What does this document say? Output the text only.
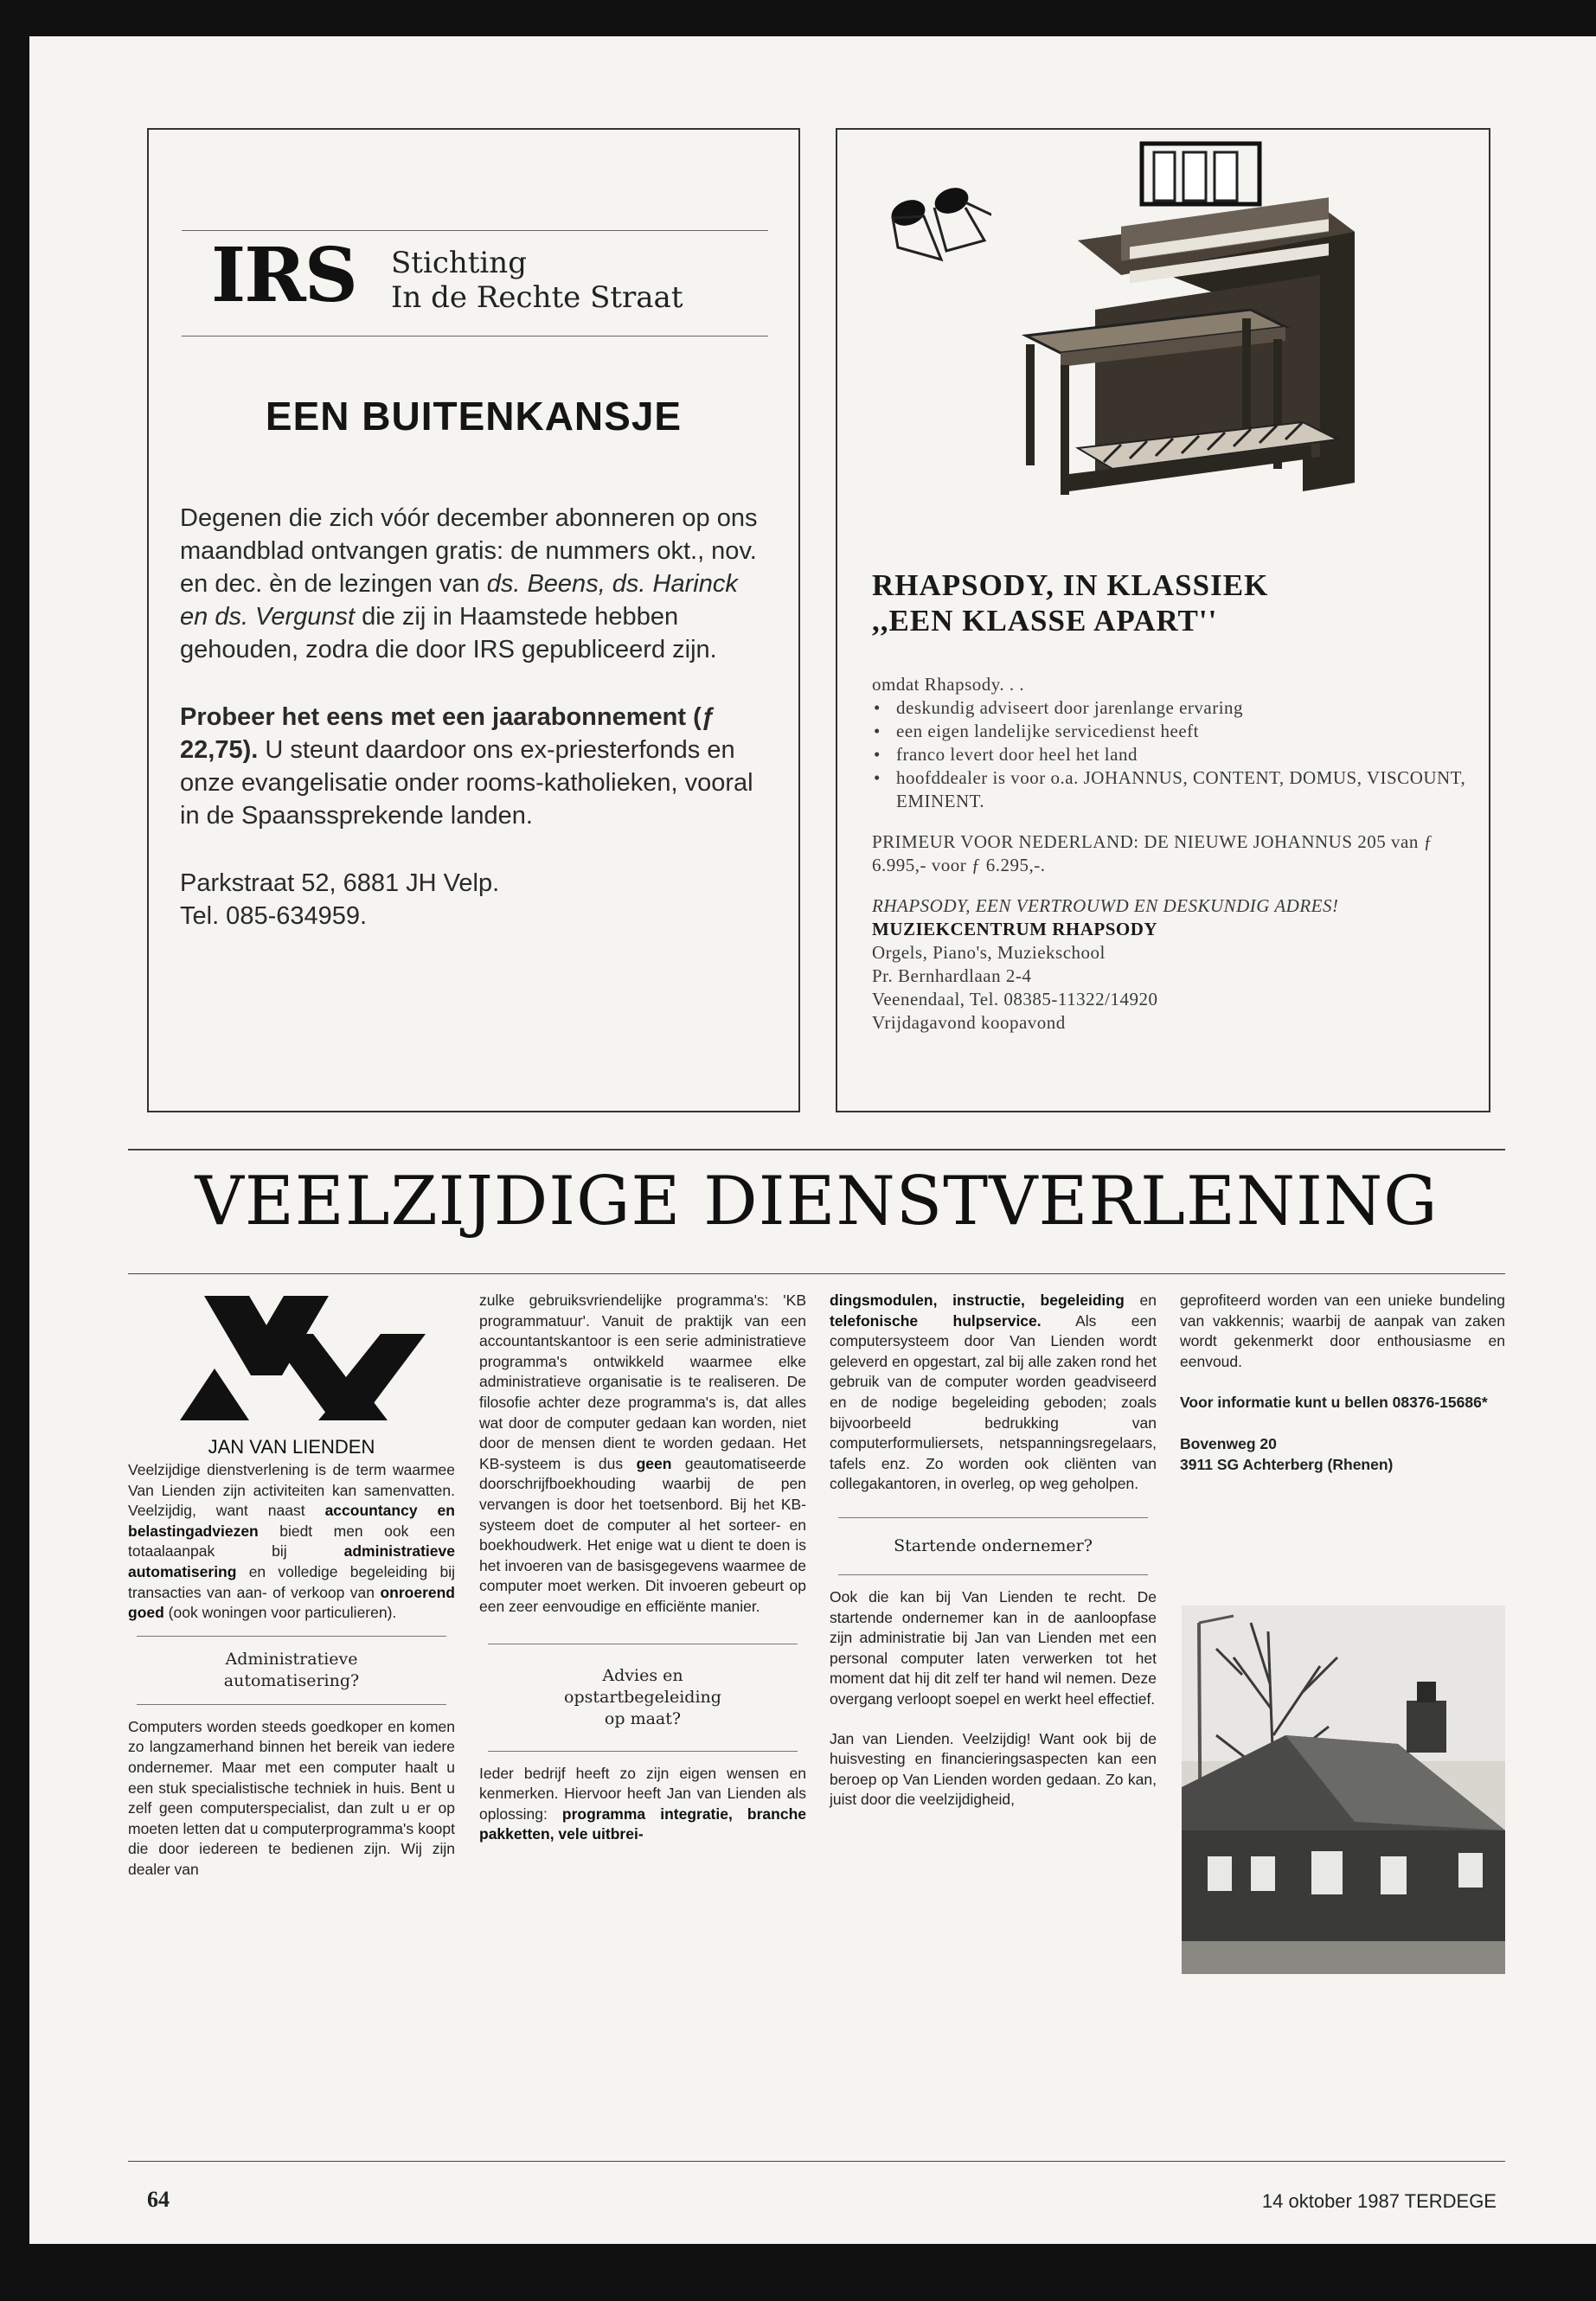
IRS Stichting
In de Rechte Straat
EEN BUITENKANSJE

Degenen die zich vóór december abonneren op ons maandblad ontvangen gratis: de nummers okt., nov. en dec. èn de lezingen van ds. Beens, ds. Harinck en ds. Vergunst die zij in Haamstede hebben gehouden, zodra die door IRS gepubliceerd zijn.

Probeer het eens met een jaarabonnement (ƒ 22,75). U steunt daardoor ons ex-priesterfonds en onze evangelisatie onder rooms-katholieken, vooral in de Spaanssprekende landen.

Parkstraat 52, 6881 JH Velp.
Tel. 085-634959.
RHAPSODY, IN KLASSIEK
,,EEN KLASSE APART''
omdat Rhapsody. . .
• deskundig adviseert door jarenlange ervaring
• een eigen landelijke servicedienst heeft
• franco levert door heel het land
• hoofddealer is voor o.a. JOHANNUS, CONTENT, DOMUS, VISCOUNT, EMINENT.
PRIMEUR VOOR NEDERLAND: DE NIEUWE JOHANNUS 205 van ƒ 6.995,- voor ƒ 6.295,-.
RHAPSODY, EEN VERTROUWD EN DESKUNDIG ADRES!
MUZIEKCENTRUM RHAPSODY
Orgels, Piano's, Muziekschool
Pr. Bernhardlaan 2-4
Veenendaal, Tel. 08385-11322/14920
Vrijdagavond koopavond
VEELZIJDIGE DIENSTVERLENING
JAN VAN LIENDEN

Veelzijdige dienstverlening is de term waarmee Van Lienden zijn activiteiten kan samenvatten. Veelzijdig, want naast accountancy en belastingadviezen biedt men ook een totaalaanpak bij administratieve automatisering en volledige begeleiding bij transacties van aan- of verkoop van onroerend goed (ook woningen voor particulieren).

Administratieve automatisering?

Computers worden steeds goedkoper en komen zo langzamerhand binnen het bereik van iedere ondernemer. Maar met een computer haalt u een stuk specialistische techniek in huis. Bent u zelf geen computerspecialist, dan zult u er op moeten letten dat u computerprogramma's koopt die door iedereen te bedienen zijn. Wij zijn dealer van

zulke gebruiksvriendelijke programma's: 'KB programmatuur'. Vanuit de praktijk van een accountantskantoor is een serie administratieve programma's ontwikkeld waarmee elke administratieve organisatie is te realiseren. De filosofie achter deze programma's is, dat alles wat door de computer gedaan kan worden, niet door de mensen dient te worden gedaan. Het KB-systeem is dus geen geautomatiseerde doorschrijfboekhouding waarbij de pen vervangen is door het toetsenbord. Bij het KB-systeem doet de computer al het sorteer- en boekhoudwerk. Het enige wat u dient te doen is het invoeren van de basisgegevens waarmee de computer moet werken. Dit invoeren gebeurt op een zeer eenvoudige en efficiënte manier.

Advies en opstartbegeleiding op maat?

Ieder bedrijf heeft zo zijn eigen wensen en kenmerken. Hiervoor heeft Jan van Lienden als oplossing: programma integratie, branche pakketten, vele uitbrei-

dingsmodulen, instructie, begeleiding en telefonische hulpservice. Als een computersysteem door Van Lienden wordt geleverd en opgestart, zal bij alle zaken rond het gebruik van de computer worden geadviseerd en de nodige begeleiding geboden; zoals bijvoorbeeld bedrukking van computerformuliersets, netspanningsregelaars, tafels enz. Zo worden ook cliënten van collegakantoren, in overleg, op weg geholpen.

Startende ondernemer?

Ook die kan bij Van Lienden te recht. De startende ondernemer kan in de aanloopfase zijn administratie bij Jan van Lienden met een personal computer laten verwerken tot het moment dat hij dit zelf ter hand wil nemen. Deze overgang verloopt soepel en werkt heel effectief.

Jan van Lienden. Veelzijdig! Want ook bij de huisvesting en financieringsaspecten kan een beroep op Van Lienden worden gedaan. Zo kan, juist door die veelzijdigheid,

geprofiteerd worden van een unieke bundeling van vakkennis; waarbij de aanpak van zaken wordt gekenmerkt door enthousiasme en eenvoud.

Voor informatie kunt u bellen 08376-15686*

Bovenweg 20

3911 SG Achterberg (Rhenen)

64	14 oktober 1987 TERDEGE
